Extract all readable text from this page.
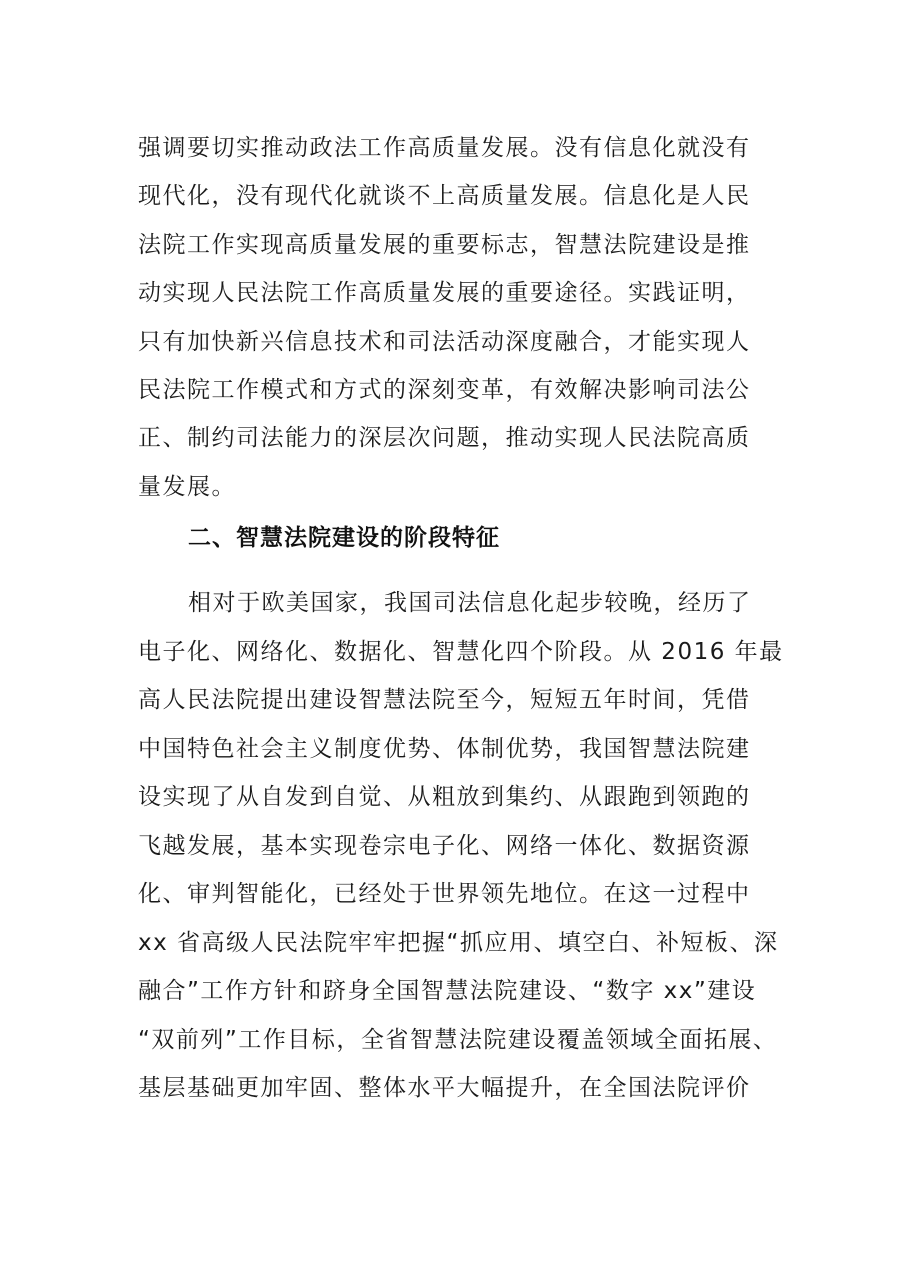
强调要切实推动政法工作高质量发展。没有信息化就没有
现代化，没有现代化就谈不上高质量发展。信息化是人民
法院工作实现高质量发展的重要标志，智慧法院建设是推
动实现人民法院工作高质量发展的重要途径。实践证明，
只有加快新兴信息技术和司法活动深度融合，才能实现人
民法院工作模式和方式的深刻变革，有效解决影响司法公
正、制约司法能力的深层次问题，推动实现人民法院高质
量发展。
二、智慧法院建设的阶段特征
相对于欧美国家，我国司法信息化起步较晚，经历了
电子化、网络化、数据化、智慧化四个阶段。从 2016 年最
高人民法院提出建设智慧法院至今，短短五年时间，凭借
中国特色社会主义制度优势、体制优势，我国智慧法院建
设实现了从自发到自觉、从粗放到集约、从跟跑到领跑的
飞越发展，基本实现卷宗电子化、网络一体化、数据资源
化、审判智能化，已经处于世界领先地位。在这一过程中
xx 省高级人民法院牢牢把握“抓应用、填空白、补短板、深
融合”工作方针和跻身全国智慧法院建设、“数字 xx”建设
“双前列”工作目标，全省智慧法院建设覆盖领域全面拓展、
基层基础更加牢固、整体水平大幅提升，在全国法院评价
